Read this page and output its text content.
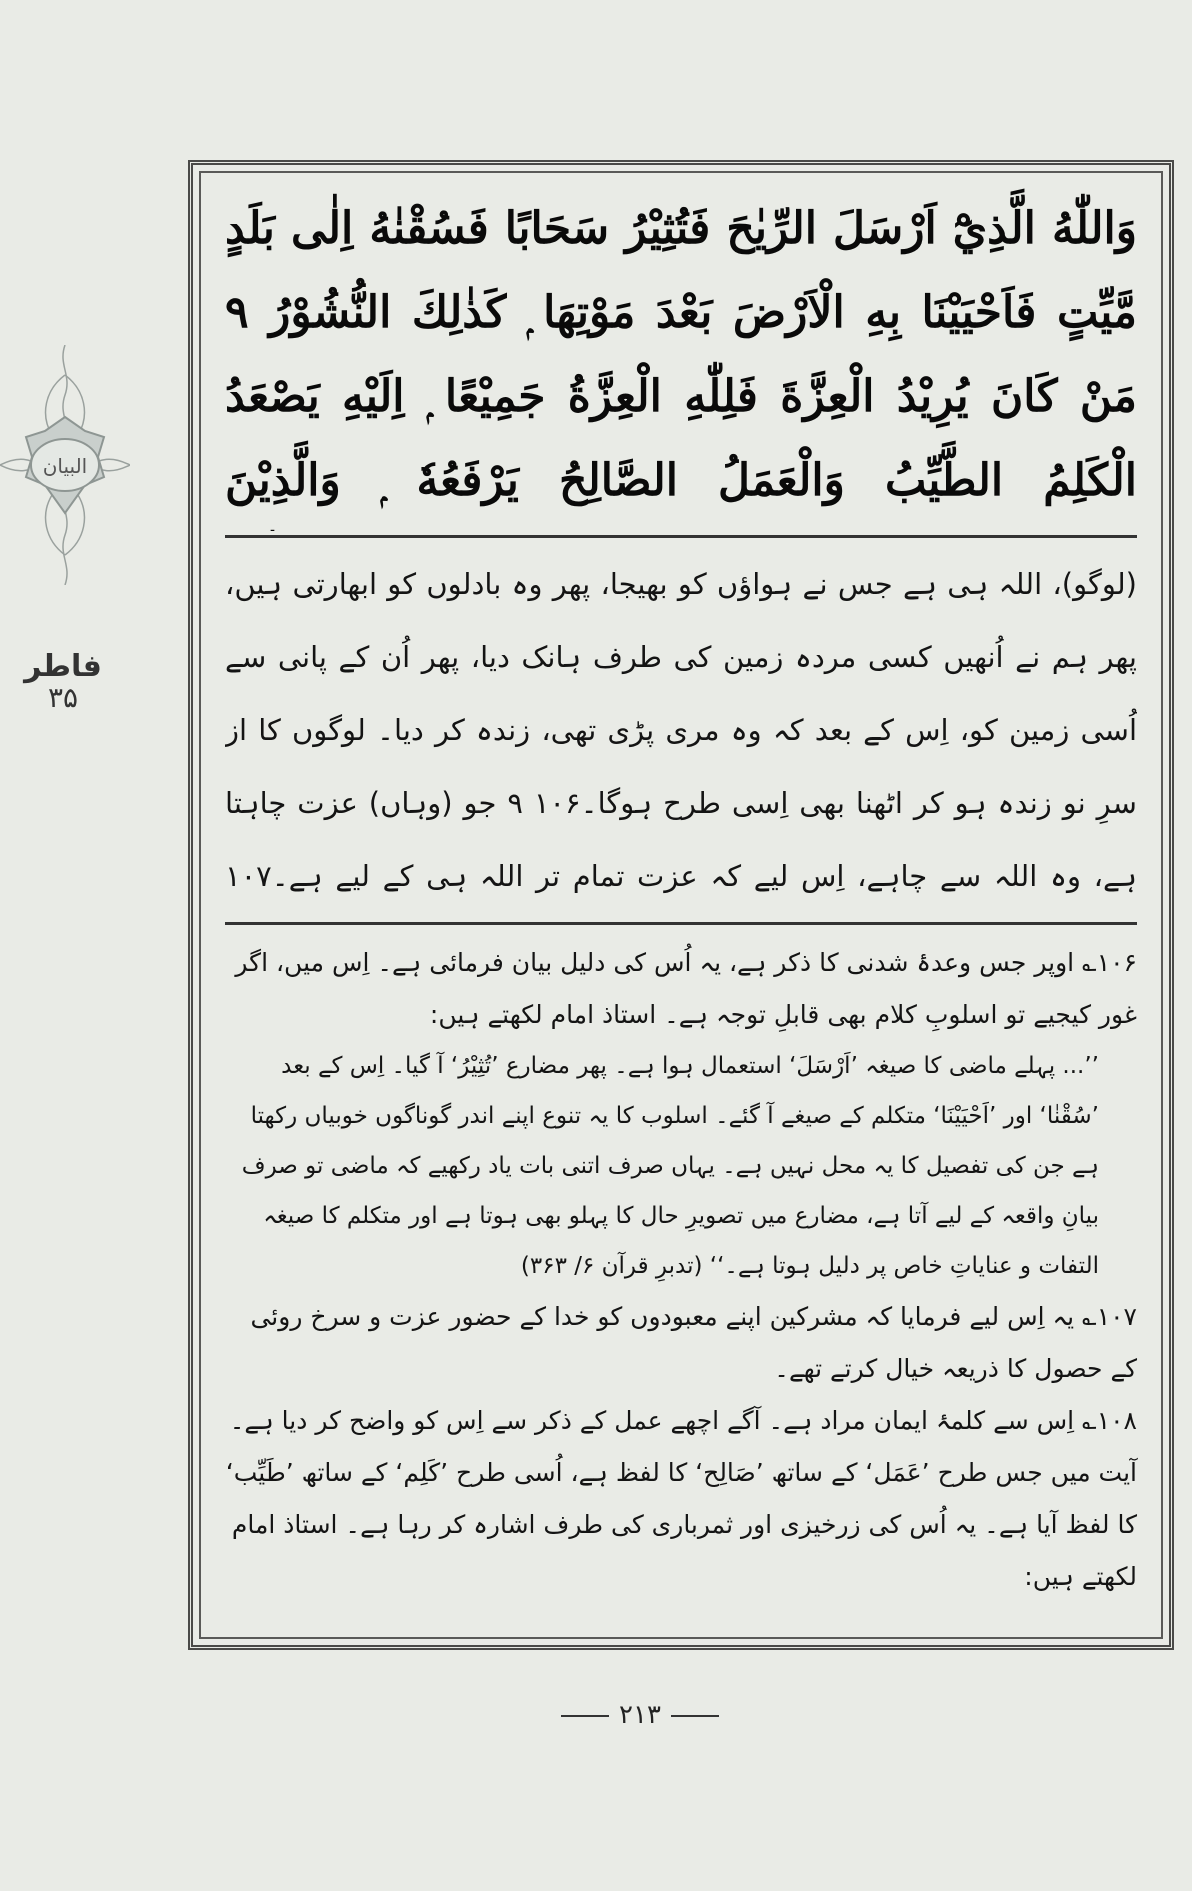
البیان
فاطر
۳۵
وَاللّٰهُ الَّذِيْٓ اَرْسَلَ الرِّيٰحَ فَتُثِيْرُ سَحَابًا فَسُقْنٰهُ اِلٰى بَلَدٍ مَّيِّتٍ فَاَحْيَيْنَا بِهِ الْاَرْضَ بَعْدَ مَوْتِهَا ۭ كَذٰلِكَ النُّشُوْرُ ۹ مَنْ كَانَ يُرِيْدُ الْعِزَّةَ فَلِلّٰهِ الْعِزَّةُ جَمِيْعًا ۭ اِلَيْهِ يَصْعَدُ الْكَلِمُ الطَّيِّبُ وَالْعَمَلُ الصَّالِحُ يَرْفَعُهٗ ۭ وَالَّذِيْنَ
(لوگو)، اللہ ہی ہے جس نے ہواؤں کو بھیجا، پھر وہ بادلوں کو ابھارتی ہیں، پھر ہم نے اُنھیں کسی مردہ زمین کی طرف ہانک دیا، پھر اُن کے پانی سے اُسی زمین کو، اِس کے بعد کہ وہ مری پڑی تھی، زندہ کر دیا۔ لوگوں کا از سرِ نو زندہ ہو کر اٹھنا بھی اِسی طرح ہوگا۔۱۰۶ ۹ جو (وہاں) عزت چاہتا ہے، وہ اللہ سے چاہے، اِس لیے کہ عزت تمام تر اللہ ہی کے لیے ہے۔۱۰۷

۱۰۶؎ اوپر جس وعدۂ شدنی کا ذکر ہے، یہ اُس کی دلیل بیان فرمائی ہے۔ اِس میں، اگر غور کیجیے تو اسلوبِ کلام بھی قابلِ توجہ ہے۔ استاذ امام لکھتے ہیں:

’’... پہلے ماضی کا صیغہ ’اَرْسَلَ‘ استعمال ہوا ہے۔ پھر مضارع ’تُثِيْرُ‘ آ گیا۔ اِس کے بعد ’سُقْنٰا‘ اور ’اَحْيَيْنَا‘ متکلم کے صیغے آ گئے۔ اسلوب کا یہ تنوع اپنے اندر گوناگوں خوبیاں رکھتا ہے جن کی تفصیل کا یہ محل نہیں ہے۔ یہاں صرف اتنی بات یاد رکھیے کہ ماضی تو صرف بیانِ واقعہ کے لیے آتا ہے، مضارع میں تصویرِ حال کا پہلو بھی ہوتا ہے اور متکلم کا صیغہ التفات و عنایاتِ خاص پر دلیل ہوتا ہے۔‘‘ (تدبرِ قرآن ۶/ ۳۶۳)

۱۰۷؎ یہ اِس لیے فرمایا کہ مشرکین اپنے معبودوں کو خدا کے حضور عزت و سرخ روئی کے حصول کا ذریعہ خیال کرتے تھے۔

۱۰۸؎ اِس سے کلمۂ ایمان مراد ہے۔ آگے اچھے عمل کے ذکر سے اِس کو واضح کر دیا ہے۔ آیت میں جس طرح ’عَمَل‘ کے ساتھ ’صَالِح‘ کا لفظ ہے، اُسی طرح ’كَلِم‘ کے ساتھ ’طَيِّب‘ کا لفظ آیا ہے۔ یہ اُس کی زرخیزی اور ثمرباری کی طرف اشارہ کر رہا ہے۔ استاذ امام لکھتے ہیں:

۲۱۳
